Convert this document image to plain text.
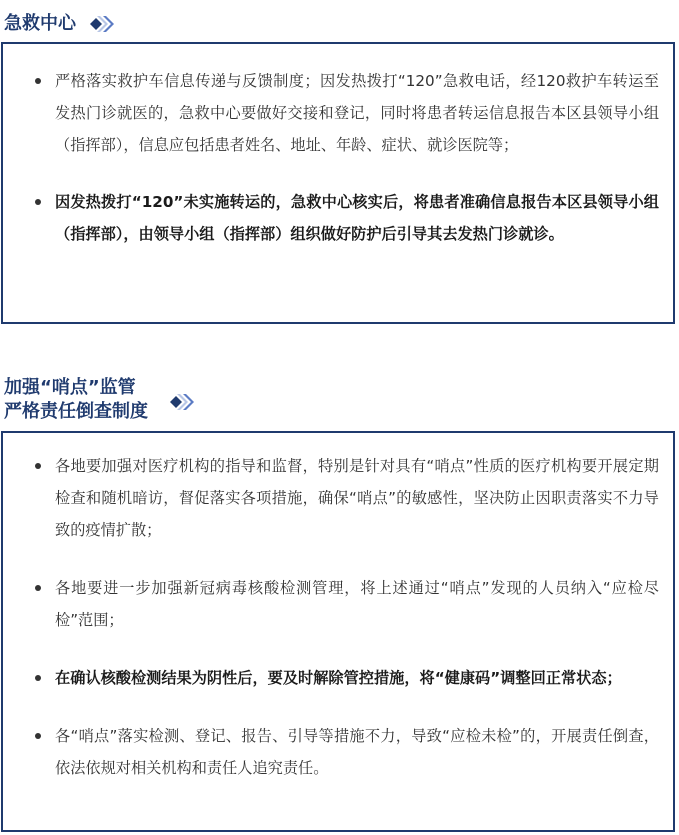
急救中心
严格落实救护车信息传递与反馈制度；因发热拨打“120”急救电话，经120救护车转运至发热门诊就医的，急救中心要做好交接和登记，同时将患者转运信息报告本区县领导小组（指挥部），信息应包括患者姓名、地址、年龄、症状、就诊医院等；
因发热拨打“120”未实施转运的，急救中心核实后，将患者准确信息报告本区县领导小组（指挥部），由领导小组（指挥部）组织做好防护后引导其去发热门诊就诊。
加强“哨点”监管
严格责任倒查制度
各地要加强对医疗机构的指导和监督，特别是针对具有“哨点”性质的医疗机构要开展定期检查和随机暗访，督促落实各项措施，确保“哨点”的敏感性，坚决防止因职责落实不力导致的疫情扩散；
各地要进一步加强新冠病毒核酸检测管理，将上述通过“哨点”发现的人员纳入“应检尽检”范围；
在确认核酸检测结果为阴性后，要及时解除管控措施，将“健康码”调整回正常状态；
各“哨点”落实检测、登记、报告、引导等措施不力，导致“应检未检”的，开展责任倒查，依法依规对相关机构和责任人追究责任。
